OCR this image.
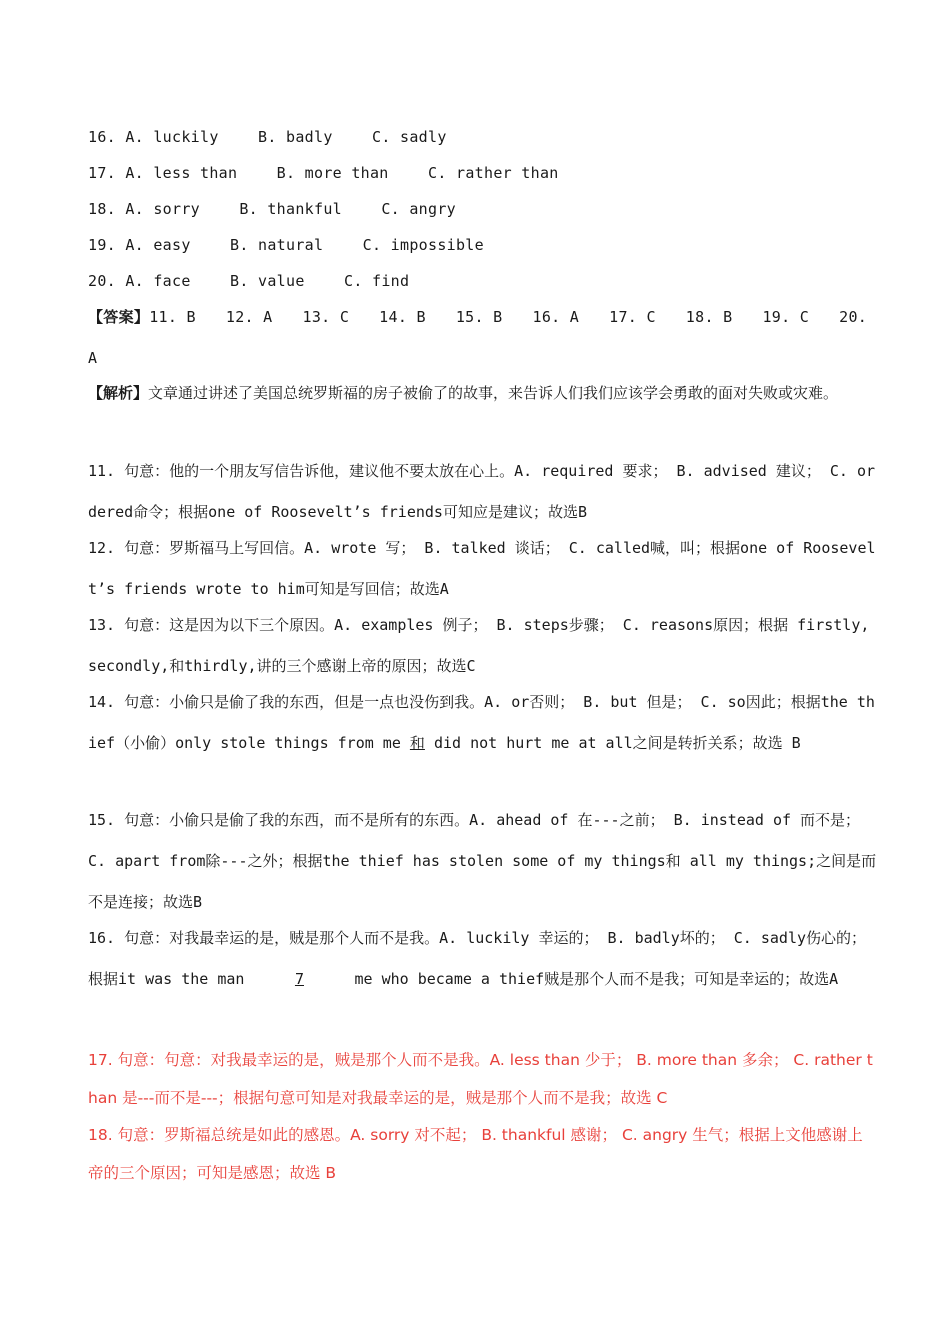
16. A. luckily	B. badly	C. sadly
17. A. less than	B. more than	C. rather than
18. A. sorry	B. thankful	C. angry
19. A. easy	B. natural	C. impossible
20. A. face	B. value	C. find
【答案】11. B 12. A 13. C 14. B 15. B 16. A 17. C 18. B 19. C 20.
A
【解析】文章通过讲述了美国总统罗斯福的房子被偷了的故事，来告诉人们我们应该学会勇敢的面对失败或灾难。
11. 句意：他的一个朋友写信告诉他，建议他不要太放在心上。A. required 要求； B. advised 建议； C. ordered命令；根据one of Roosevelt’s friends可知应是建议；故选B
12. 句意：罗斯福马上写回信。A. wrote 写； B. talked 谈话； C. called喊，叫；根据one of Roosevelt’s friends wrote to him可知是写回信；故选A
13. 句意：这是因为以下三个原因。A. examples 例子； B. steps步骤； C. reasons原因；根据 firstly, secondly,和thirdly,讲的三个感谢上帝的原因；故选C
14. 句意：小偷只是偷了我的东西，但是一点也没伤到我。A. or否则； B. but 但是； C. so因此；根据the thief（小偷）only stole things from me 和 did not hurt me at all之间是转折关系；故选 B
15. 句意：小偷只是偷了我的东西，而不是所有的东西。A. ahead of 在---之前； B. instead of 而不是； C. apart from除---之外；根据the thief has stolen some of my things和 all my things;之间是而不是连接；故选B
16. 句意：对我最幸运的是，贼是那个人而不是我。A. luckily 幸运的； B. badly坏的； C. sadly伤心的；根据it was the man	7	me who became a thief贼是那个人而不是我；可知是幸运的；故选A
17. 句意：句意：对我最幸运的是，贼是那个人而不是我。A. less than 少于； B. more than 多余； C. rather than 是---而不是---；根据句意可知是对我最幸运的是，贼是那个人而不是我；故选 C
18. 句意：罗斯福总统是如此的感恩。A. sorry 对不起； B. thankful 感谢； C. angry 生气；根据上文他感谢上帝的三个原因；可知是感恩；故选 B
